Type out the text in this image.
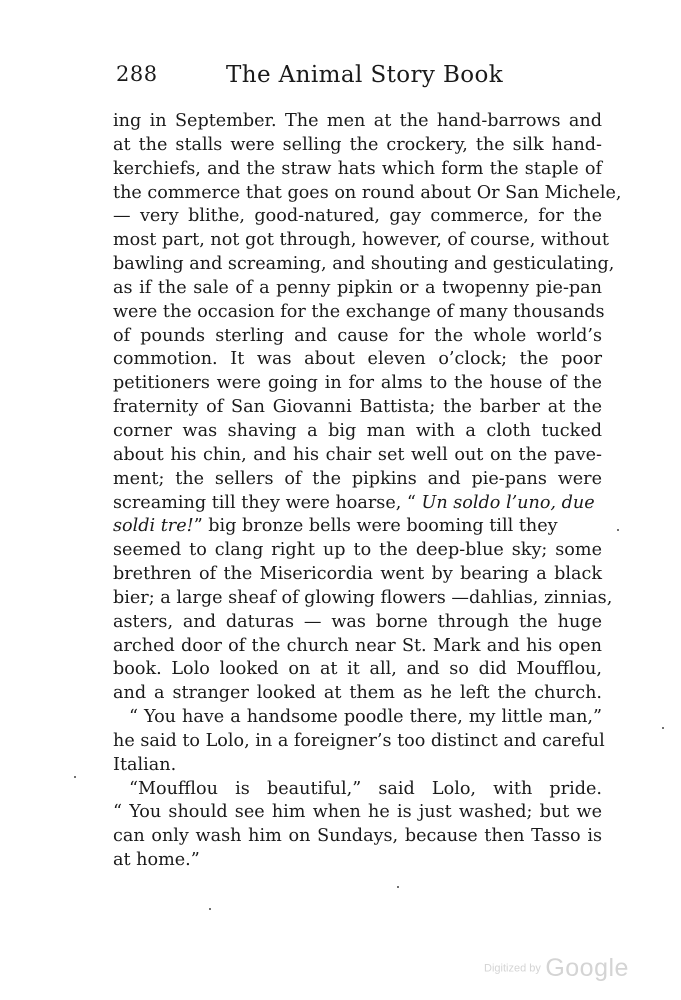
288	The Animal Story Book
ing in September. The men at the hand-barrows and
at the stalls were selling the crockery, the silk hand-
kerchiefs, and the straw hats which form the staple of
the commerce that goes on round about Or San Michele,
— very blithe, good-natured, gay commerce, for the
most part, not got through, however, of course, without
bawling and screaming, and shouting and gesticulating,
as if the sale of a penny pipkin or a twopenny pie-pan
were the occasion for the exchange of many thousands
of pounds sterling and cause for the whole world’s
commotion. It was about eleven o’clock; the poor
petitioners were going in for alms to the house of the
fraternity of San Giovanni Battista; the barber at the
corner was shaving a big man with a cloth tucked
about his chin, and his chair set well out on the pave-
ment; the sellers of the pipkins and pie-pans were
screaming till they were hoarse, “ Un soldo l’uno, due
soldi tre!” big bronze bells were booming till they
seemed to clang right up to the deep-blue sky; some
brethren of the Misericordia went by bearing a black
bier; a large sheaf of glowing flowers —dahlias, zinnias,
asters, and daturas — was borne through the huge
arched door of the church near St. Mark and his open
book. Lolo looked on at it all, and so did Moufflou,
and a stranger looked at them as he left the church.
“ You have a handsome poodle there, my little man,”
he said to Lolo, in a foreigner’s too distinct and careful
Italian.
“Moufflou is beautiful,” said Lolo, with pride.
“ You should see him when he is just washed; but we
can only wash him on Sundays, because then Tasso is
at home.”
Digitized by Google
